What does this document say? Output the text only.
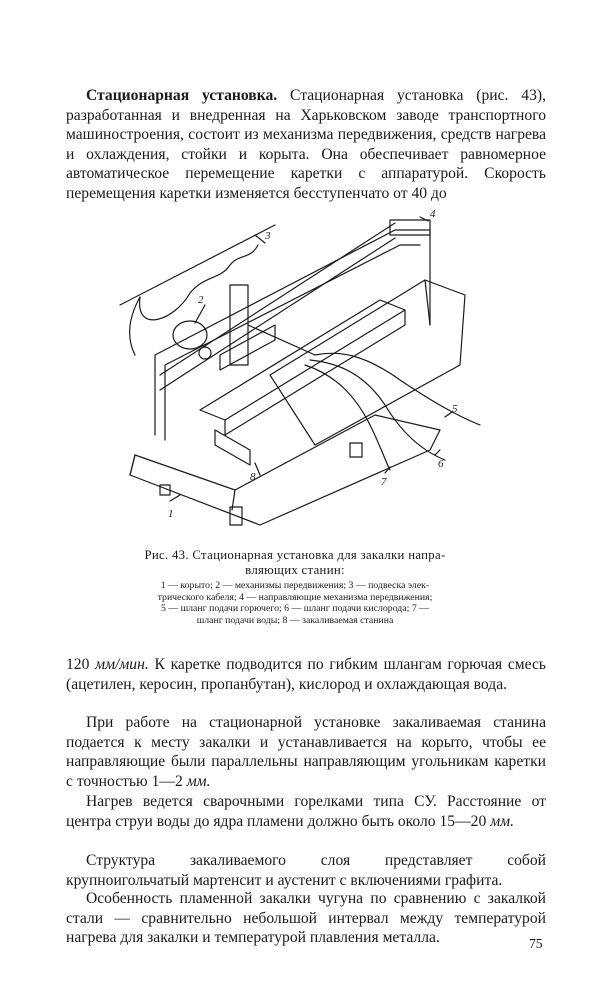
Стационарная установка. Стационарная установка (рис. 43), разработанная и внедренная на Харьковском заводе транспортного машиностроения, состоит из механизма передвижения, средств нагрева и охлаждения, стойки и корыта. Она обеспечивает равномерное автоматическое перемещение каретки с аппаратурой. Скорость перемещения каретки изменяется бесступенчато от 40 до

1
2
3
4
5
6
7
8

Рис. 43. Стационарная установка для закалки напра-
вляющих станин:

1 — корыто; 2 — механизмы передвижения; 3 — подвеска элек-
трического кабеля; 4 — направляющие механизма передвижения;
5 — шланг подачи горючего; 6 — шланг подачи кислорода; 7 —
шланг подачи воды; 8 — закаливаемая станина

120 мм/мин. К каретке подводится по гибким шлангам горючая смесь (ацетилен, керосин, пропанбутан), кислород и охлаждающая вода.

При работе на стационарной установке закаливаемая станина подается к месту закалки и устанавливается на корыто, чтобы ее направляющие были параллельны направляющим угольникам каретки с точностью 1—2 мм.

Нагрев ведется сварочными горелками типа СУ. Расстояние от центра струи воды до ядра пламени должно быть около 15—20 мм.

Структура закаливаемого слоя представляет собой крупноигольчатый мартенсит и аустенит с включениями графита.

Особенность пламенной закалки чугуна по сравнению с закалкой стали — сравнительно небольшой интервал между температурой нагрева для закалки и температурой плавления металла.	75
